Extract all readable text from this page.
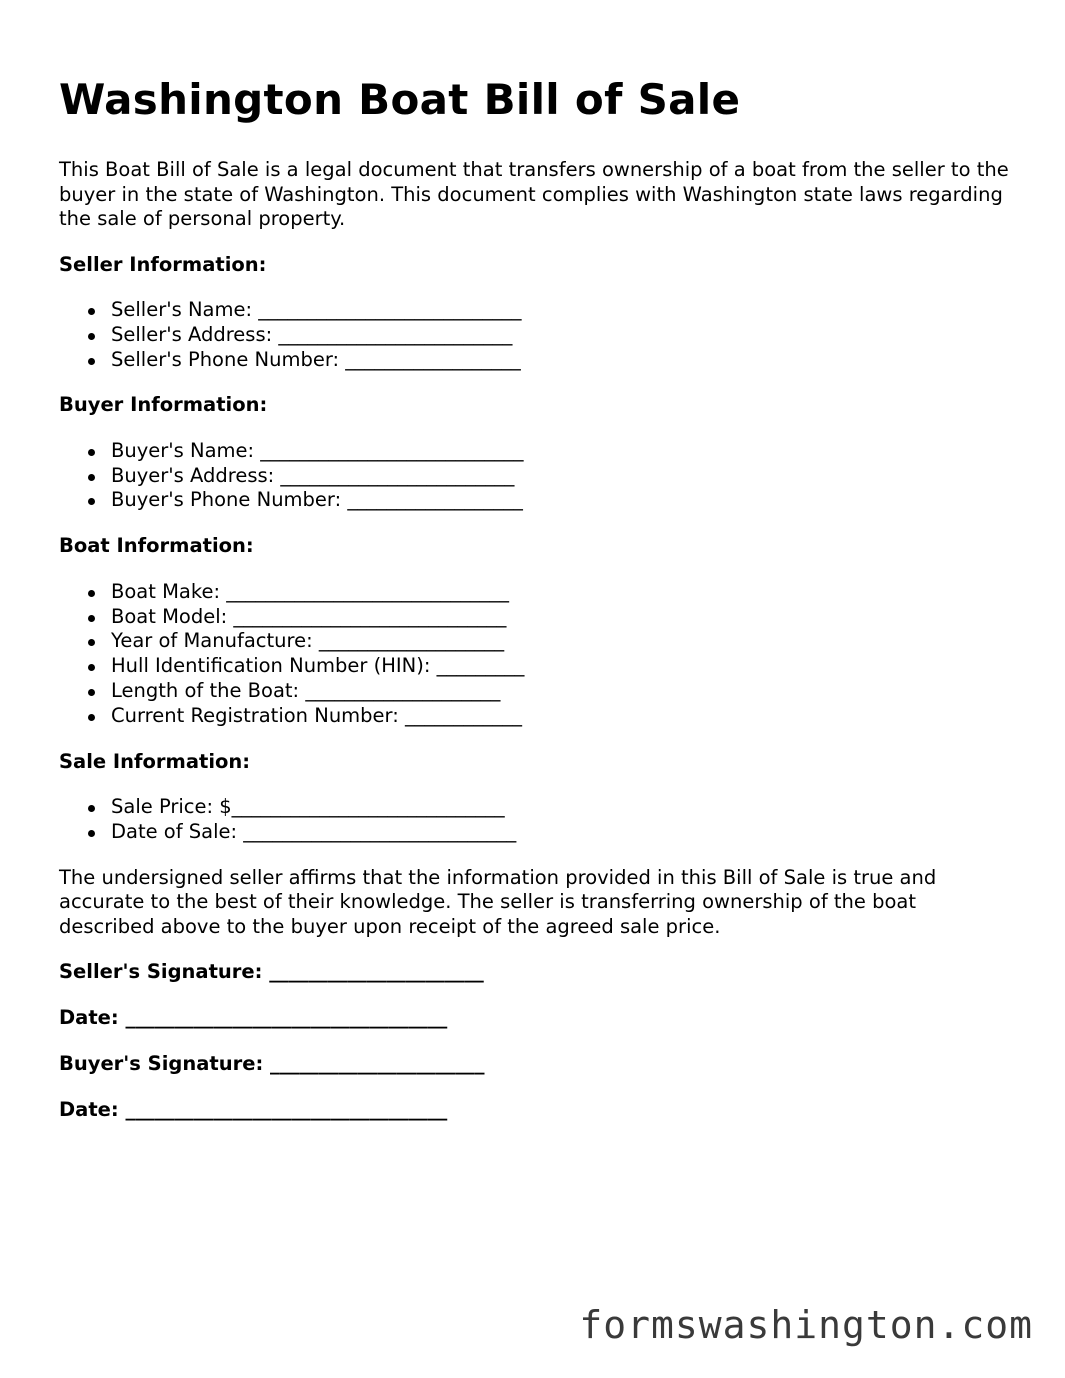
Washington Boat Bill of Sale

This Boat Bill of Sale is a legal document that transfers ownership of a boat from the seller to the buyer in the state of Washington. This document complies with Washington state laws regarding the sale of personal property.

Seller Information:

Seller's Name: ___________________________
Seller's Address: ________________________
Seller's Phone Number: __________________

Buyer Information:

Buyer's Name: ___________________________
Buyer's Address: ________________________
Buyer's Phone Number: __________________

Boat Information:

Boat Make: _____________________________
Boat Model: ____________________________
Year of Manufacture: ___________________
Hull Identification Number (HIN): _________
Length of the Boat: ____________________
Current Registration Number: ____________

Sale Information:

Sale Price: $____________________________
Date of Sale: ____________________________

The undersigned seller affirms that the information provided in this Bill of Sale is true and accurate to the best of their knowledge. The seller is transferring ownership of the boat described above to the buyer upon receipt of the agreed sale price.

Seller's Signature: ______________________

Date: _________________________________

Buyer's Signature: ______________________

Date: _________________________________

formswashington.com
